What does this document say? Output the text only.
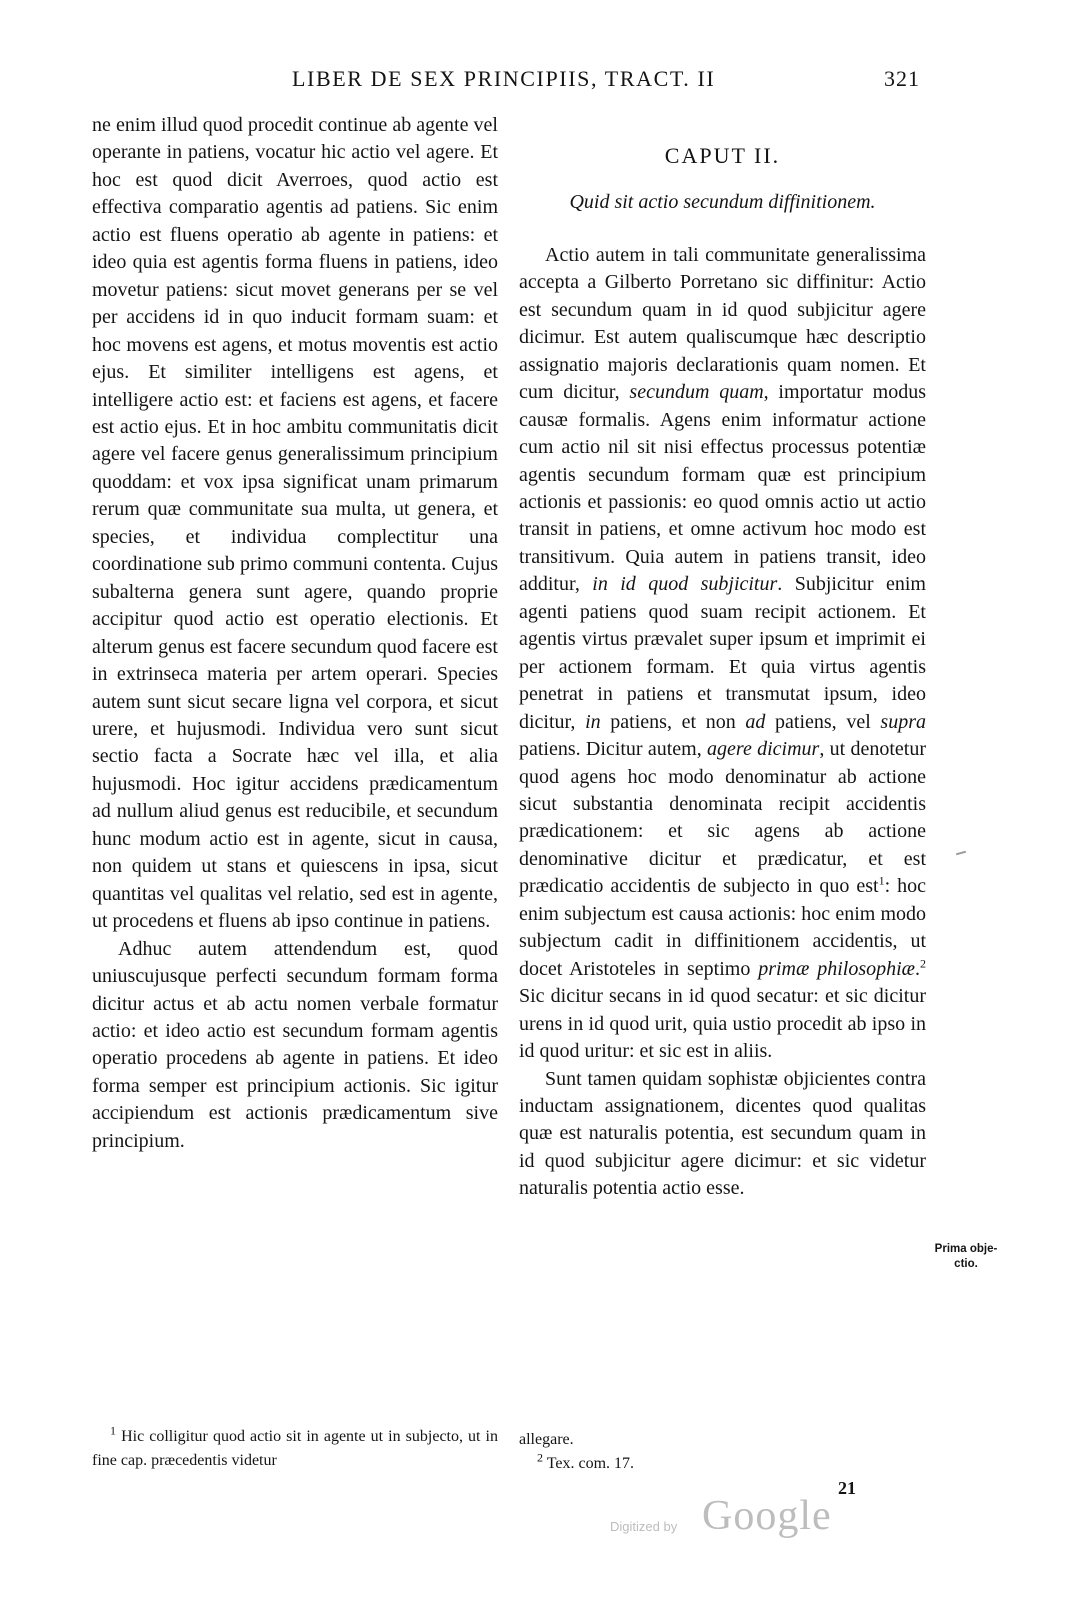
LIBER DE SEX PRINCIPIIS, TRACT. II	321

ne enim illud quod procedit continue ab agente vel operante in patiens, vocatur hic actio vel agere. Et hoc est quod dicit Averroes, quod actio est effectiva comparatio agentis ad patiens. Sic enim actio est fluens operatio ab agente in patiens: et ideo quia est agentis forma fluens in patiens, ideo movetur patiens: sicut movet generans per se vel per accidens id in quo inducit formam suam: et hoc movens est agens, et motus moventis est actio ejus. Et similiter intelligens est agens, et intelligere actio est: et faciens est agens, et facere est actio ejus. Et in hoc ambitu communitatis dicit agere vel facere genus generalissimum principium quoddam: et vox ipsa significat unam primarum rerum quæ communitate sua multa, ut genera, et species, et individua complectitur una coordinatione sub primo communi contenta. Cujus subalterna genera sunt agere, quando proprie accipitur quod actio est operatio electionis. Et alterum genus est facere secundum quod facere est in extrinseca materia per artem operari. Species autem sunt sicut secare ligna vel corpora, et sicut urere, et hujusmodi. Individua vero sunt sicut sectio facta a Socrate hæc vel illa, et alia hujusmodi. Hoc igitur accidens prædicamentum ad nullum aliud genus est reducibile, et secundum hunc modum actio est in agente, sicut in causa, non quidem ut stans et quiescens in ipsa, sicut quantitas vel qualitas vel relatio, sed est in agente, ut procedens et fluens ab ipso continue in patiens.

Adhuc autem attendendum est, quod uniuscujusque perfecti secundum formam forma dicitur actus et ab actu nomen verbale formatur actio: et ideo actio est secundum formam agentis operatio procedens ab agente in patiens. Et ideo forma semper est principium actionis. Sic igitur accipiendum est actionis prædicamentum sive principium.

CAPUT II.
Quid sit actio secundum diffinitionem.

Actio autem in tali communitate generalissima accepta a Gilberto Porretano sic diffinitur: Actio est secundum quam in id quod subjicitur agere dicimur. Est autem qualiscumque hæc descriptio assignatio majoris declarationis quam nomen. Et cum dicitur, secundum quam, importatur modus causæ formalis. Agens enim informatur actione cum actio nil sit nisi effectus processus potentiæ agentis secundum formam quæ est principium actionis et passionis: eo quod omnis actio ut actio transit in patiens, et omne activum hoc modo est transitivum. Quia autem in patiens transit, ideo additur, in id quod subjicitur. Subjicitur enim agenti patiens quod suam recipit actionem. Et agentis virtus prævalet super ipsum et imprimit ei per actionem formam. Et quia virtus agentis penetrat in patiens et transmutat ipsum, ideo dicitur, in patiens, et non ad patiens, vel supra patiens. Dicitur autem, agere dicimur, ut denotetur quod agens hoc modo denominatur ab actione sicut substantia denominata recipit accidentis prædicationem: et sic agens ab actione denominative dicitur et prædicatur, et est prædicatio accidentis de subjecto in quo est$^1$: hoc enim subjectum est causa actionis: hoc enim modo subjectum cadit in diffinitionem accidentis, ut docet Aristoteles in septimo primæ philosophiæ.$^2$ Sic dicitur secans in id quod secatur: et sic dicitur urens in id quod urit, quia ustio procedit ab ipso in id quod uritur: et sic est in aliis.

Sunt tamen quidam sophistæ objicientes contra inductam assignationem, dicentes quod qualitas quæ est naturalis potentia, est secundum quam in id quod subjicitur agere dicimur: et sic videtur naturalis potentia actio esse.

Prima obje-
ctio.

$^1$ Hic colligitur quod actio sit in agente ut in subjecto, ut in fine cap. præcedentis videtur

allegare.

$^2$ Tex. com. 17.

21
Digitized by Google
